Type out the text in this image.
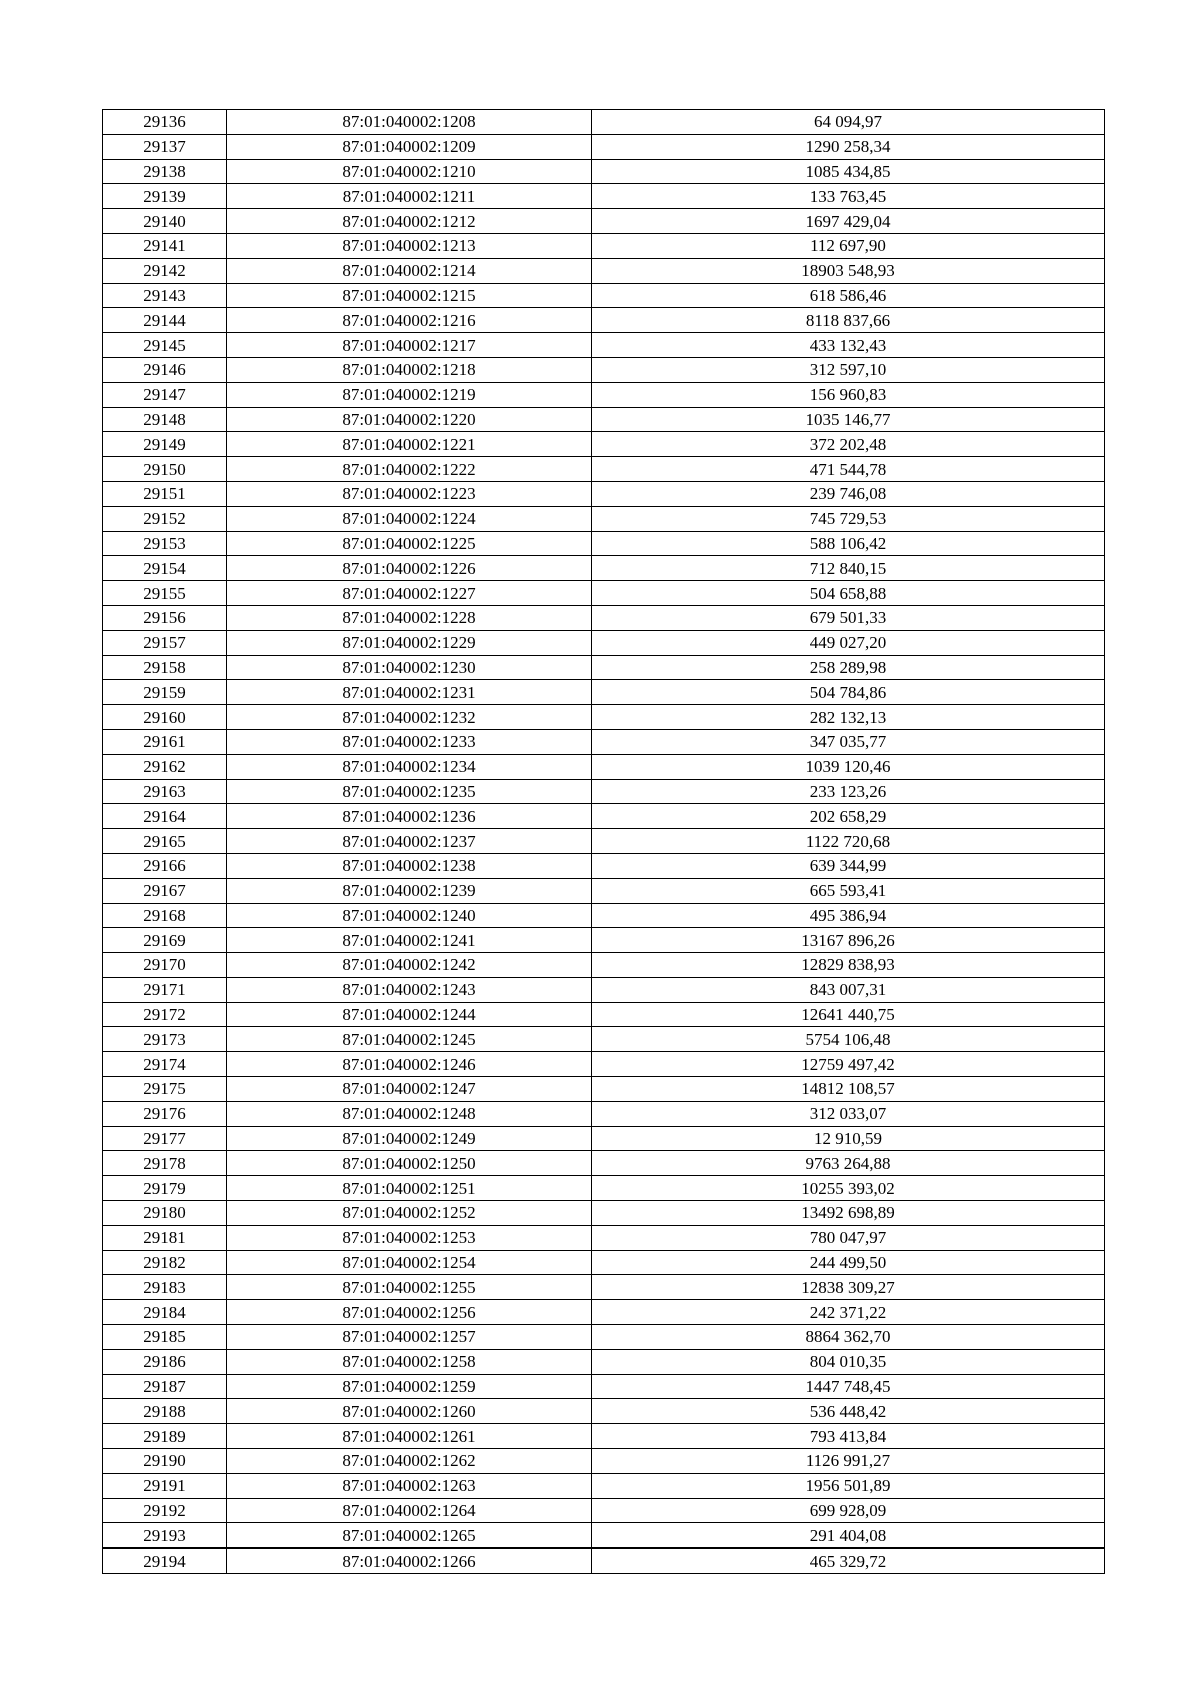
29136	87:01:040002:1208	64 094,97
29137	87:01:040002:1209	1290 258,34
29138	87:01:040002:1210	1085 434,85
29139	87:01:040002:1211	133 763,45
29140	87:01:040002:1212	1697 429,04
29141	87:01:040002:1213	112 697,90
29142	87:01:040002:1214	18903 548,93
29143	87:01:040002:1215	618 586,46
29144	87:01:040002:1216	8118 837,66
29145	87:01:040002:1217	433 132,43
29146	87:01:040002:1218	312 597,10
29147	87:01:040002:1219	156 960,83
29148	87:01:040002:1220	1035 146,77
29149	87:01:040002:1221	372 202,48
29150	87:01:040002:1222	471 544,78
29151	87:01:040002:1223	239 746,08
29152	87:01:040002:1224	745 729,53
29153	87:01:040002:1225	588 106,42
29154	87:01:040002:1226	712 840,15
29155	87:01:040002:1227	504 658,88
29156	87:01:040002:1228	679 501,33
29157	87:01:040002:1229	449 027,20
29158	87:01:040002:1230	258 289,98
29159	87:01:040002:1231	504 784,86
29160	87:01:040002:1232	282 132,13
29161	87:01:040002:1233	347 035,77
29162	87:01:040002:1234	1039 120,46
29163	87:01:040002:1235	233 123,26
29164	87:01:040002:1236	202 658,29
29165	87:01:040002:1237	1122 720,68
29166	87:01:040002:1238	639 344,99
29167	87:01:040002:1239	665 593,41
29168	87:01:040002:1240	495 386,94
29169	87:01:040002:1241	13167 896,26
29170	87:01:040002:1242	12829 838,93
29171	87:01:040002:1243	843 007,31
29172	87:01:040002:1244	12641 440,75
29173	87:01:040002:1245	5754 106,48
29174	87:01:040002:1246	12759 497,42
29175	87:01:040002:1247	14812 108,57
29176	87:01:040002:1248	312 033,07
29177	87:01:040002:1249	12 910,59
29178	87:01:040002:1250	9763 264,88
29179	87:01:040002:1251	10255 393,02
29180	87:01:040002:1252	13492 698,89
29181	87:01:040002:1253	780 047,97
29182	87:01:040002:1254	244 499,50
29183	87:01:040002:1255	12838 309,27
29184	87:01:040002:1256	242 371,22
29185	87:01:040002:1257	8864 362,70
29186	87:01:040002:1258	804 010,35
29187	87:01:040002:1259	1447 748,45
29188	87:01:040002:1260	536 448,42
29189	87:01:040002:1261	793 413,84
29190	87:01:040002:1262	1126 991,27
29191	87:01:040002:1263	1956 501,89
29192	87:01:040002:1264	699 928,09
29193	87:01:040002:1265	291 404,08
29194	87:01:040002:1266	465 329,72
